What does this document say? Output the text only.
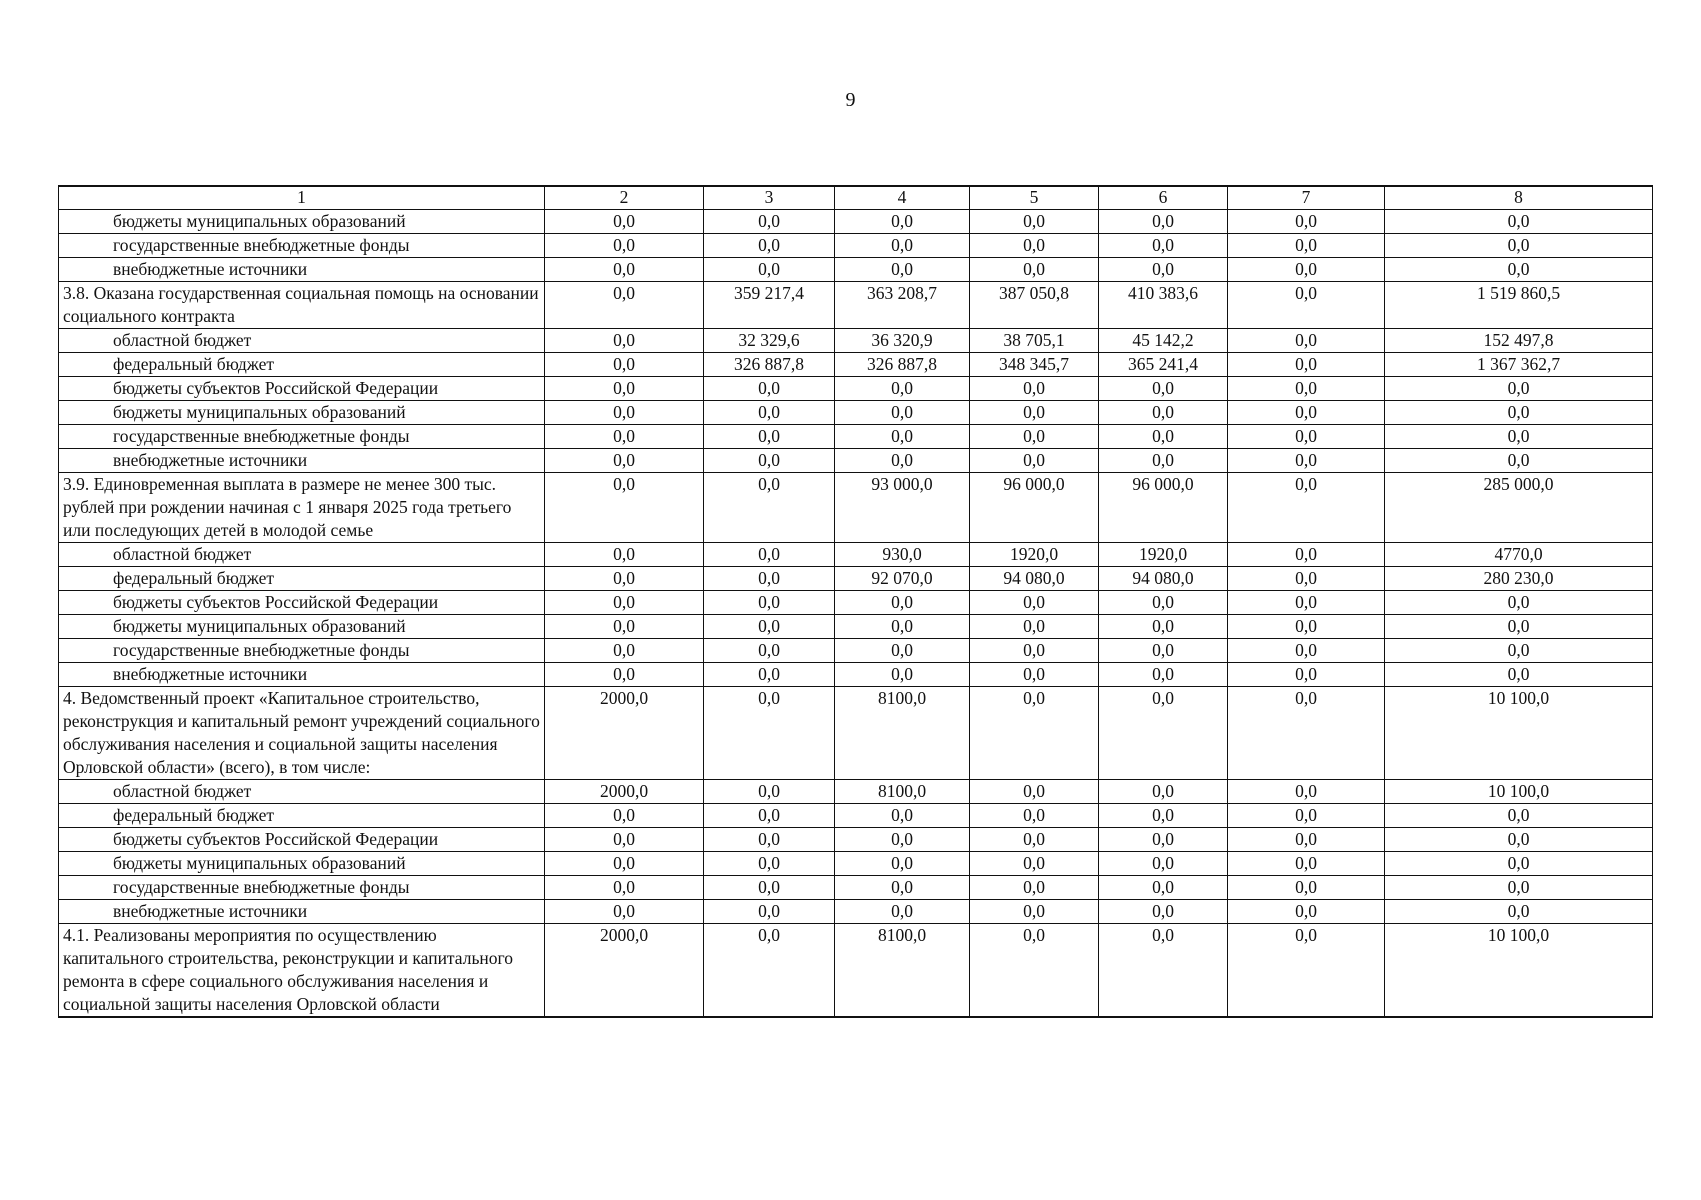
9
1	2	3	4	5	6	7	8
бюджеты муниципальных образований	0,0	0,0	0,0	0,0	0,0	0,0	0,0
государственные внебюджетные фонды	0,0	0,0	0,0	0,0	0,0	0,0	0,0
внебюджетные источники	0,0	0,0	0,0	0,0	0,0	0,0	0,0
3.8. Оказана государственная социальная помощь на основании социального контракта	0,0	359 217,4	363 208,7	387 050,8	410 383,6	0,0	1 519 860,5
областной бюджет	0,0	32 329,6	36 320,9	38 705,1	45 142,2	0,0	152 497,8
федеральный бюджет	0,0	326 887,8	326 887,8	348 345,7	365 241,4	0,0	1 367 362,7
бюджеты субъектов Российской Федерации	0,0	0,0	0,0	0,0	0,0	0,0	0,0
бюджеты муниципальных образований	0,0	0,0	0,0	0,0	0,0	0,0	0,0
государственные внебюджетные фонды	0,0	0,0	0,0	0,0	0,0	0,0	0,0
внебюджетные источники	0,0	0,0	0,0	0,0	0,0	0,0	0,0
3.9. Единовременная выплата в размере не менее 300 тыс. рублей при рождении начиная с 1 января 2025 года третьего или последующих детей в молодой семье	0,0	0,0	93 000,0	96 000,0	96 000,0	0,0	285 000,0
областной бюджет	0,0	0,0	930,0	1920,0	1920,0	0,0	4770,0
федеральный бюджет	0,0	0,0	92 070,0	94 080,0	94 080,0	0,0	280 230,0
бюджеты субъектов Российской Федерации	0,0	0,0	0,0	0,0	0,0	0,0	0,0
бюджеты муниципальных образований	0,0	0,0	0,0	0,0	0,0	0,0	0,0
государственные внебюджетные фонды	0,0	0,0	0,0	0,0	0,0	0,0	0,0
внебюджетные источники	0,0	0,0	0,0	0,0	0,0	0,0	0,0
4. Ведомственный проект «Капитальное строительство, реконструкция и капитальный ремонт учреждений социального обслуживания населения и социальной защиты населения Орловской области» (всего), в том числе:	2000,0	0,0	8100,0	0,0	0,0	0,0	10 100,0
областной бюджет	2000,0	0,0	8100,0	0,0	0,0	0,0	10 100,0
федеральный бюджет	0,0	0,0	0,0	0,0	0,0	0,0	0,0
бюджеты субъектов Российской Федерации	0,0	0,0	0,0	0,0	0,0	0,0	0,0
бюджеты муниципальных образований	0,0	0,0	0,0	0,0	0,0	0,0	0,0
государственные внебюджетные фонды	0,0	0,0	0,0	0,0	0,0	0,0	0,0
внебюджетные источники	0,0	0,0	0,0	0,0	0,0	0,0	0,0
4.1. Реализованы мероприятия по осуществлению капитального строительства, реконструкции и капитального ремонта в сфере социального обслуживания населения и социальной защиты населения Орловской области	2000,0	0,0	8100,0	0,0	0,0	0,0	10 100,0
